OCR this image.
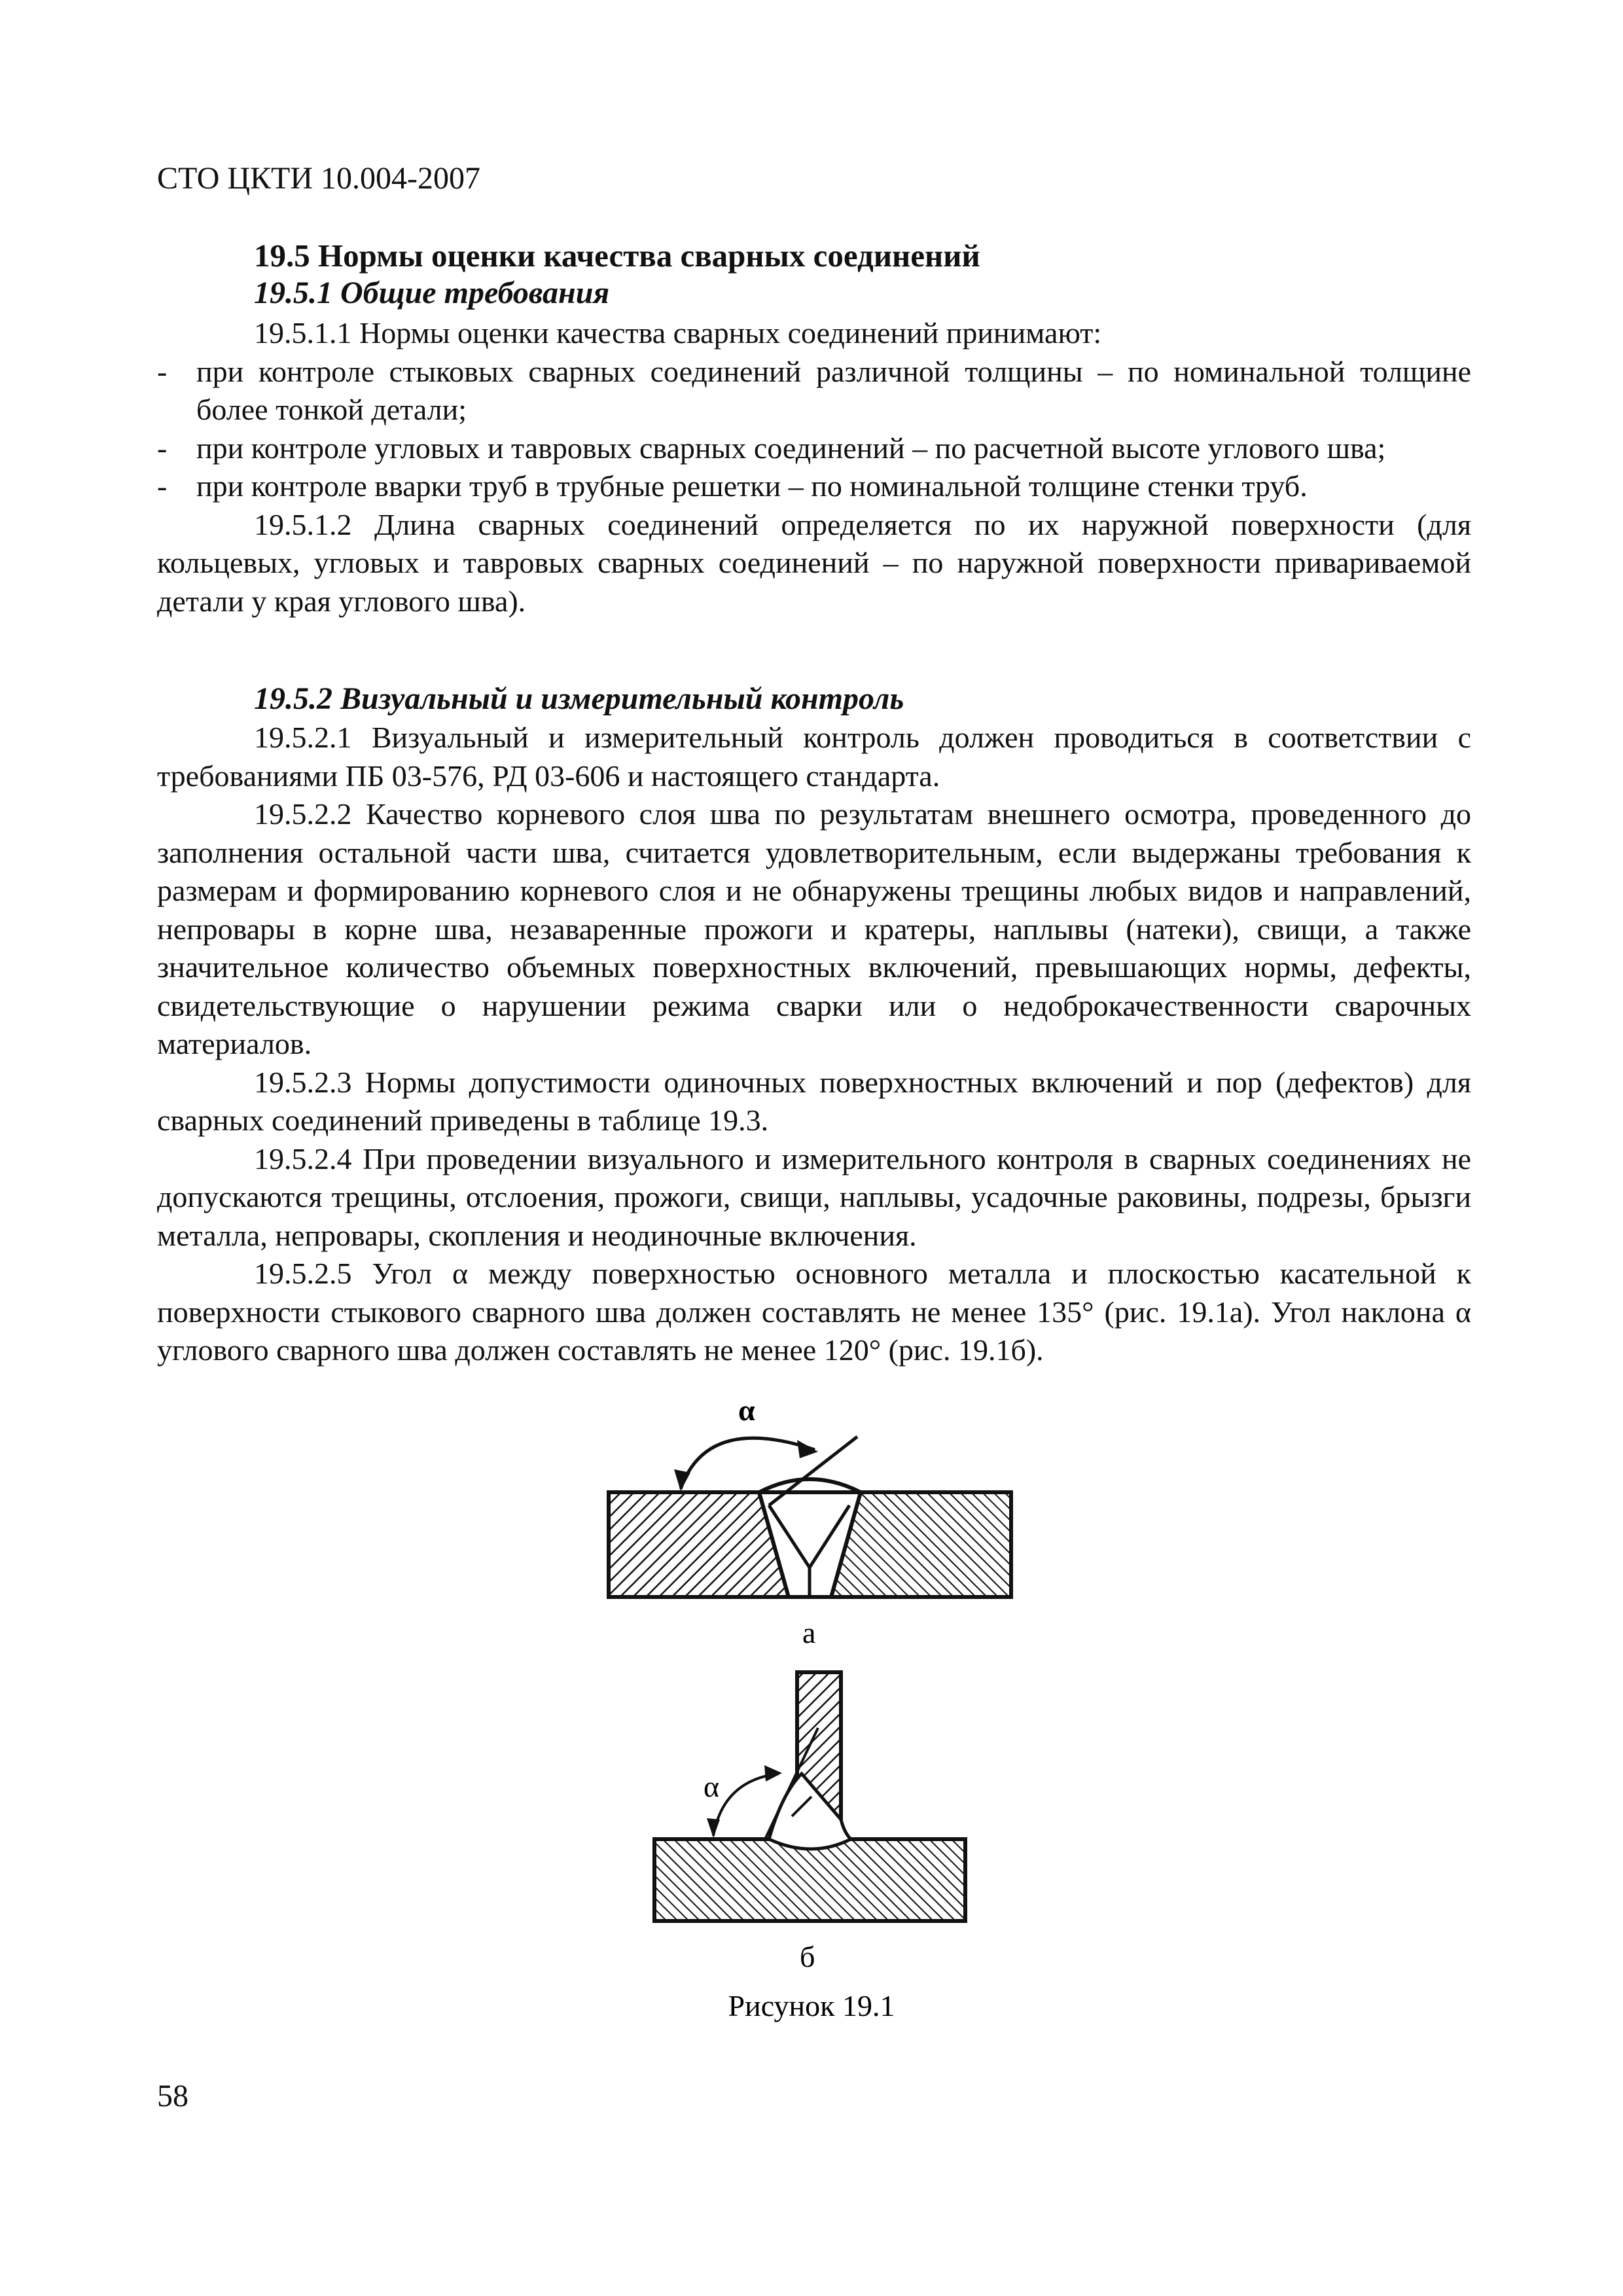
СТО ЦКТИ 10.004-2007
19.5 Нормы оценки качества сварных соединений
19.5.1 Общие требования

19.5.1.1 Нормы оценки качества сварных соединений принимают:

- при контроле стыковых сварных соединений различной толщины – по номинальной толщине более тонкой детали;
- при контроле угловых и тавровых сварных соединений – по расчетной высоте углового шва;
- при контроле вварки труб в трубные решетки – по номинальной толщине стенки труб.

19.5.1.2 Длина сварных соединений определяется по их наружной поверхности (для кольцевых, угловых и тавровых сварных соединений – по наружной поверхности привариваемой детали у края углового шва).

19.5.2 Визуальный и измерительный контроль

19.5.2.1 Визуальный и измерительный контроль должен проводиться в соответствии с требованиями ПБ 03-576, РД 03-606 и настоящего стандарта.

19.5.2.2 Качество корневого слоя шва по результатам внешнего осмотра, проведенного до заполнения остальной части шва, считается удовлетворительным, если выдержаны требования к размерам и формированию корневого слоя и не обнаружены трещины любых видов и направлений, непровары в корне шва, незаваренные прожоги и кратеры, наплывы (натеки), свищи, а также значительное количество объемных поверхностных включений, превышающих нормы, дефекты, свидетельствующие о нарушении режима сварки или о недоброкачественности сварочных материалов.

19.5.2.3 Нормы допустимости одиночных поверхностных включений и пор (дефектов) для сварных соединений приведены в таблице 19.3.

19.5.2.4 При проведении визуального и измерительного контроля в сварных соединениях не допускаются трещины, отслоения, прожоги, свищи, наплывы, усадочные раковины, подрезы, брызги металла, непровары, скопления и неодиночные включения.

19.5.2.5 Угол α между поверхностью основного металла и плоскостью касательной к поверхности стыкового сварного шва должен составлять не менее 135° (рис. 19.1а). Угол наклона α углового сварного шва должен составлять не менее 120° (рис. 19.1б).

α
а
α
б
Рисунок 19.1
58
